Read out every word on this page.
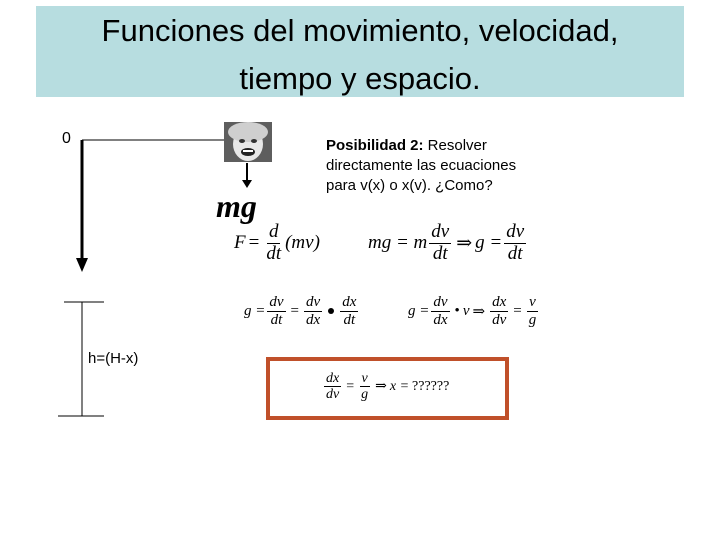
Funciones del movimiento, velocidad,
tiempo y espacio.
0
h=(H-x)
mg
Posibilidad 2: Resolver
directamente las ecuaciones
para v(x) o x(v). ¿Como?
$F = \frac{d}{dt} (mv)$	mg = m $\frac{dv}{dt}$ ⇒ $g = \frac{dv}{dt}$
$g = \frac{dv}{dt} = \frac{dv}{dx} \frac{dx}{dt}$	$g = \frac{dv}{dx}$ • v ⇒ $\frac{dx}{dv} = \frac{v}{g}$
$\frac{dx}{dv} = \frac{v}{g}$ ⇒ x = ??????
